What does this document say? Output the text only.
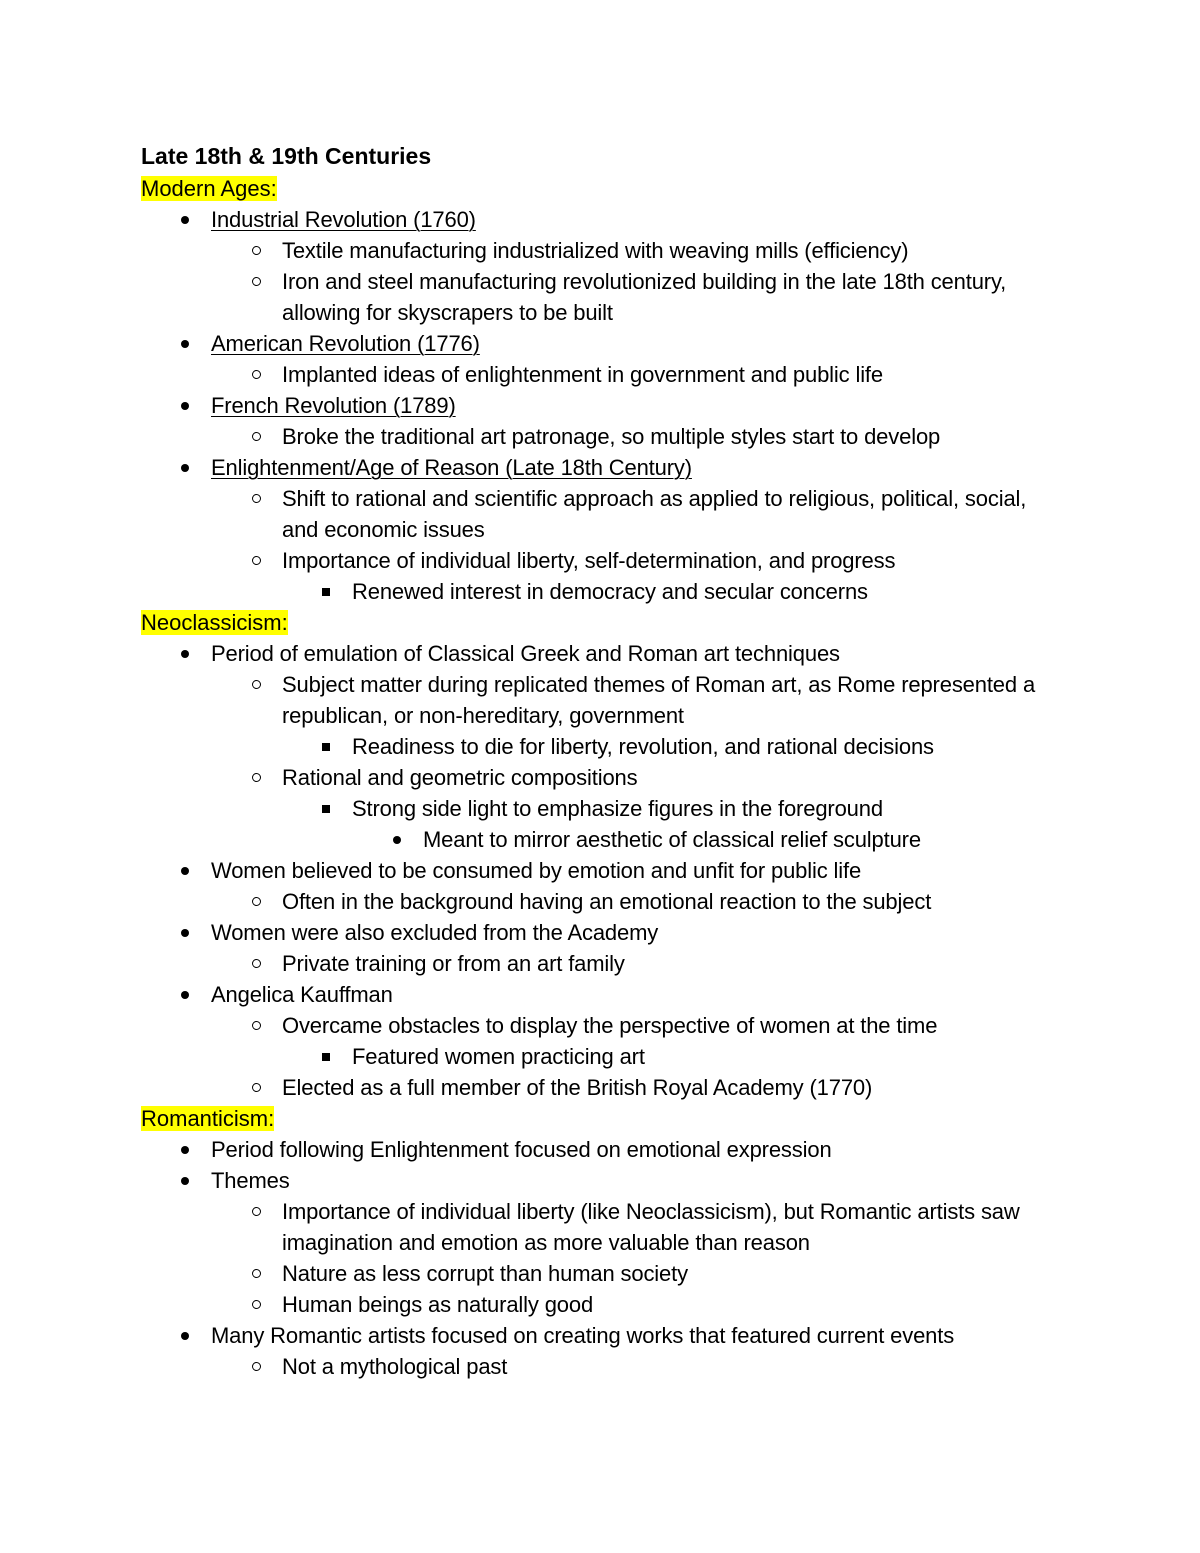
Late 18th & 19th Centuries
Modern Ages:
Industrial Revolution (1760)
Textile manufacturing industrialized with weaving mills (efficiency)
Iron and steel manufacturing revolutionized building in the late 18th century, allowing for skyscrapers to be built
American Revolution (1776)
Implanted ideas of enlightenment in government and public life
French Revolution (1789)
Broke the traditional art patronage, so multiple styles start to develop
Enlightenment/Age of Reason (Late 18th Century)
Shift to rational and scientific approach as applied to religious, political, social, and economic issues
Importance of individual liberty, self-determination, and progress
Renewed interest in democracy and secular concerns
Neoclassicism:
Period of emulation of Classical Greek and Roman art techniques
Subject matter during replicated themes of Roman art, as Rome represented a republican, or non-hereditary, government
Readiness to die for liberty, revolution, and rational decisions
Rational and geometric compositions
Strong side light to emphasize figures in the foreground
Meant to mirror aesthetic of classical relief sculpture
Women believed to be consumed by emotion and unfit for public life
Often in the background having an emotional reaction to the subject
Women were also excluded from the Academy
Private training or from an art family
Angelica Kauffman
Overcame obstacles to display the perspective of women at the time
Featured women practicing art
Elected as a full member of the British Royal Academy (1770)
Romanticism:
Period following Enlightenment focused on emotional expression
Themes
Importance of individual liberty (like Neoclassicism), but Romantic artists saw imagination and emotion as more valuable than reason
Nature as less corrupt than human society
Human beings as naturally good
Many Romantic artists focused on creating works that featured current events
Not a mythological past
